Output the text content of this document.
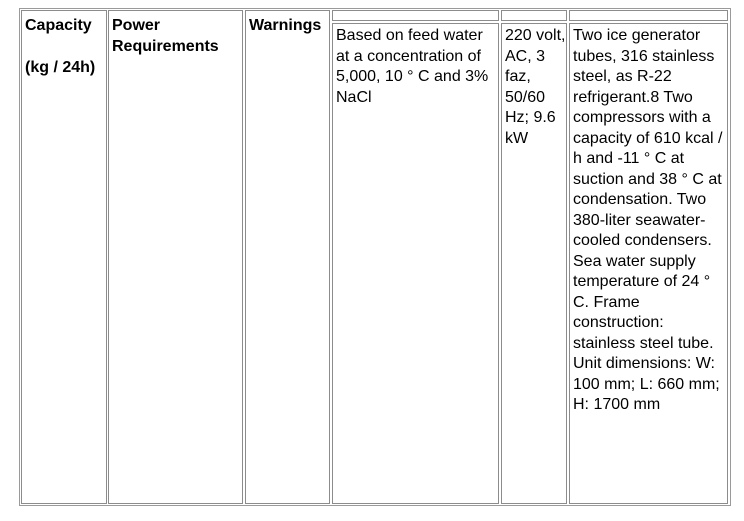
Capacity
(kg / 24h)
Power Requirements
Warnings
Based on feed water at a concentration of 5,000, 10 ° C and 3% NaCl
220 volt, AC, 3 faz, 50/60 Hz; 9.6 kW
Two ice generator tubes, 316 stainless steel, as R-22 refrigerant.8 Two compressors with a capacity of 610 kcal / h and -11 ° C at suction and 38 ° C at condensation. Two 380-liter seawater-cooled condensers. Sea water supply temperature of 24 ° C. Frame construction: stainless steel tube. Unit dimensions: W: 100 mm; L: 660 mm; H: 1700 mm
